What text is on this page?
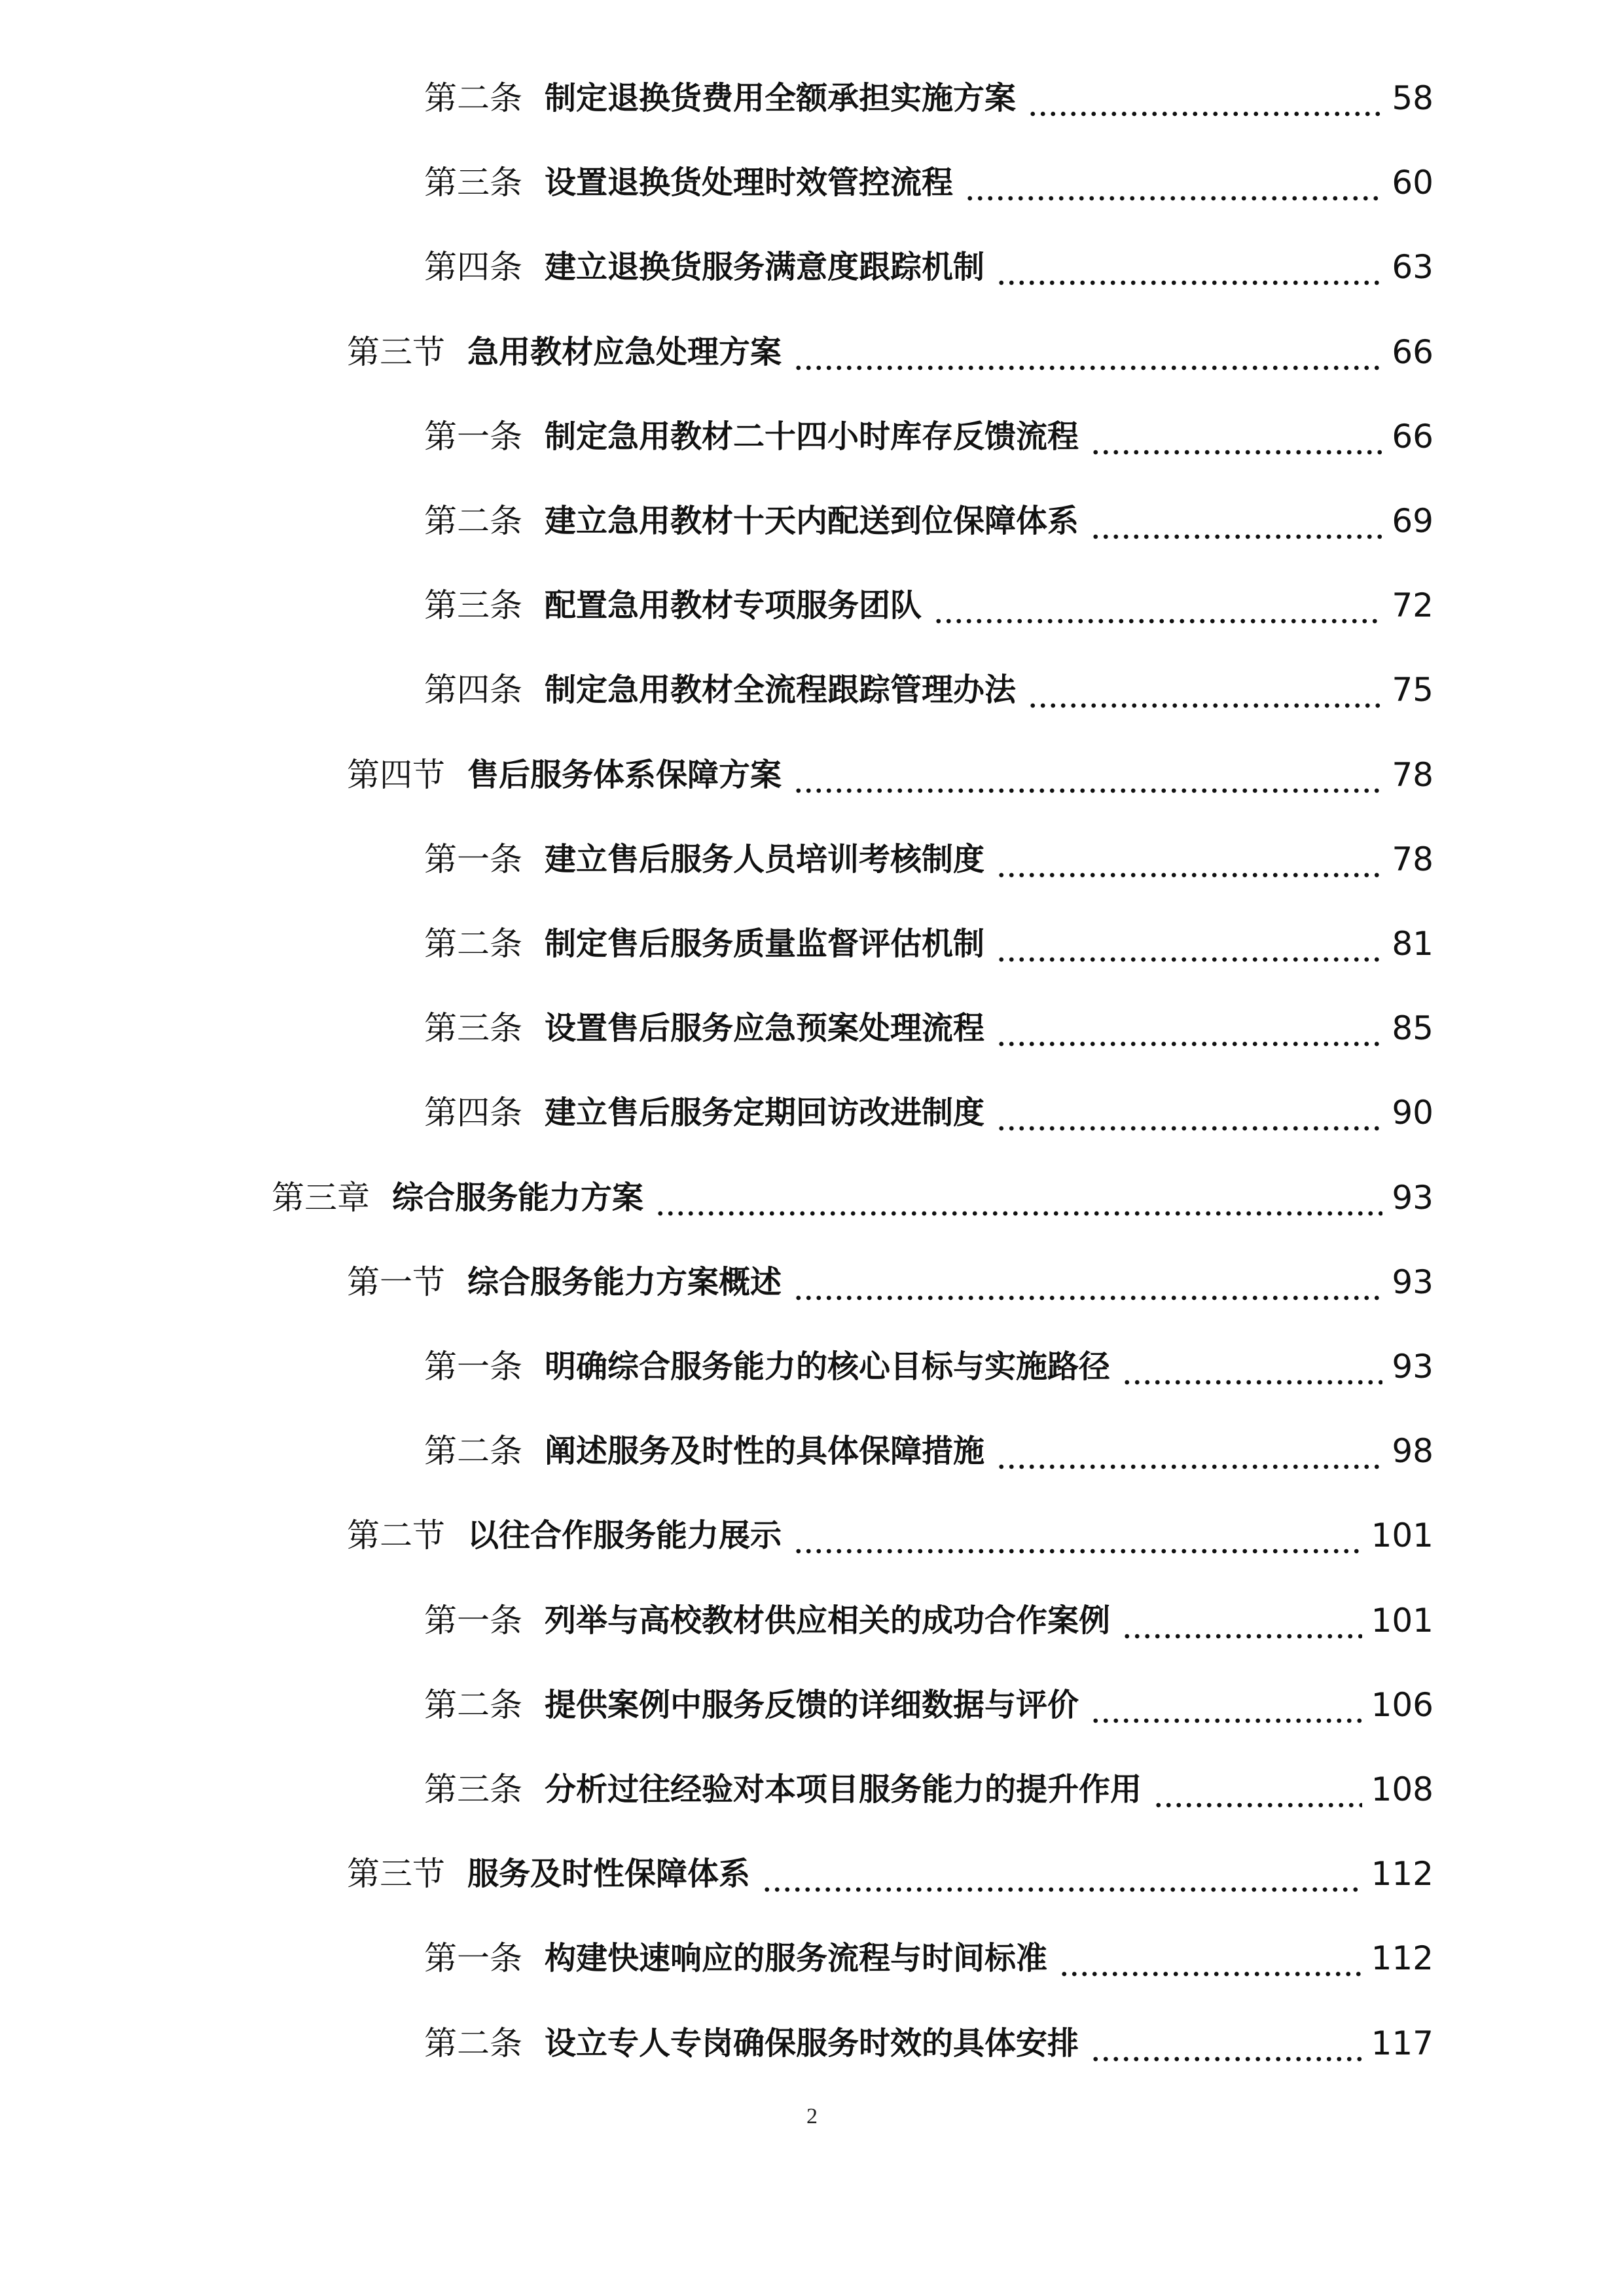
第二条 制定退换货费用全额承担实施方案	58
第三条 设置退换货处理时效管控流程	60
第四条 建立退换货服务满意度跟踪机制	63
第三节 急用教材应急处理方案	66
第一条 制定急用教材二十四小时库存反馈流程	66
第二条 建立急用教材十天内配送到位保障体系	69
第三条 配置急用教材专项服务团队	72
第四条 制定急用教材全流程跟踪管理办法	75
第四节 售后服务体系保障方案	78
第一条 建立售后服务人员培训考核制度	78
第二条 制定售后服务质量监督评估机制	81
第三条 设置售后服务应急预案处理流程	85
第四条 建立售后服务定期回访改进制度	90
第三章 综合服务能力方案	93
第一节 综合服务能力方案概述	93
第一条 明确综合服务能力的核心目标与实施路径	93
第二条 阐述服务及时性的具体保障措施	98
第二节 以往合作服务能力展示	101
第一条 列举与高校教材供应相关的成功合作案例	101
第二条 提供案例中服务反馈的详细数据与评价	106
第三条 分析过往经验对本项目服务能力的提升作用	108
第三节 服务及时性保障体系	112
第一条 构建快速响应的服务流程与时间标准	112
第二条 设立专人专岗确保服务时效的具体安排	117
2
